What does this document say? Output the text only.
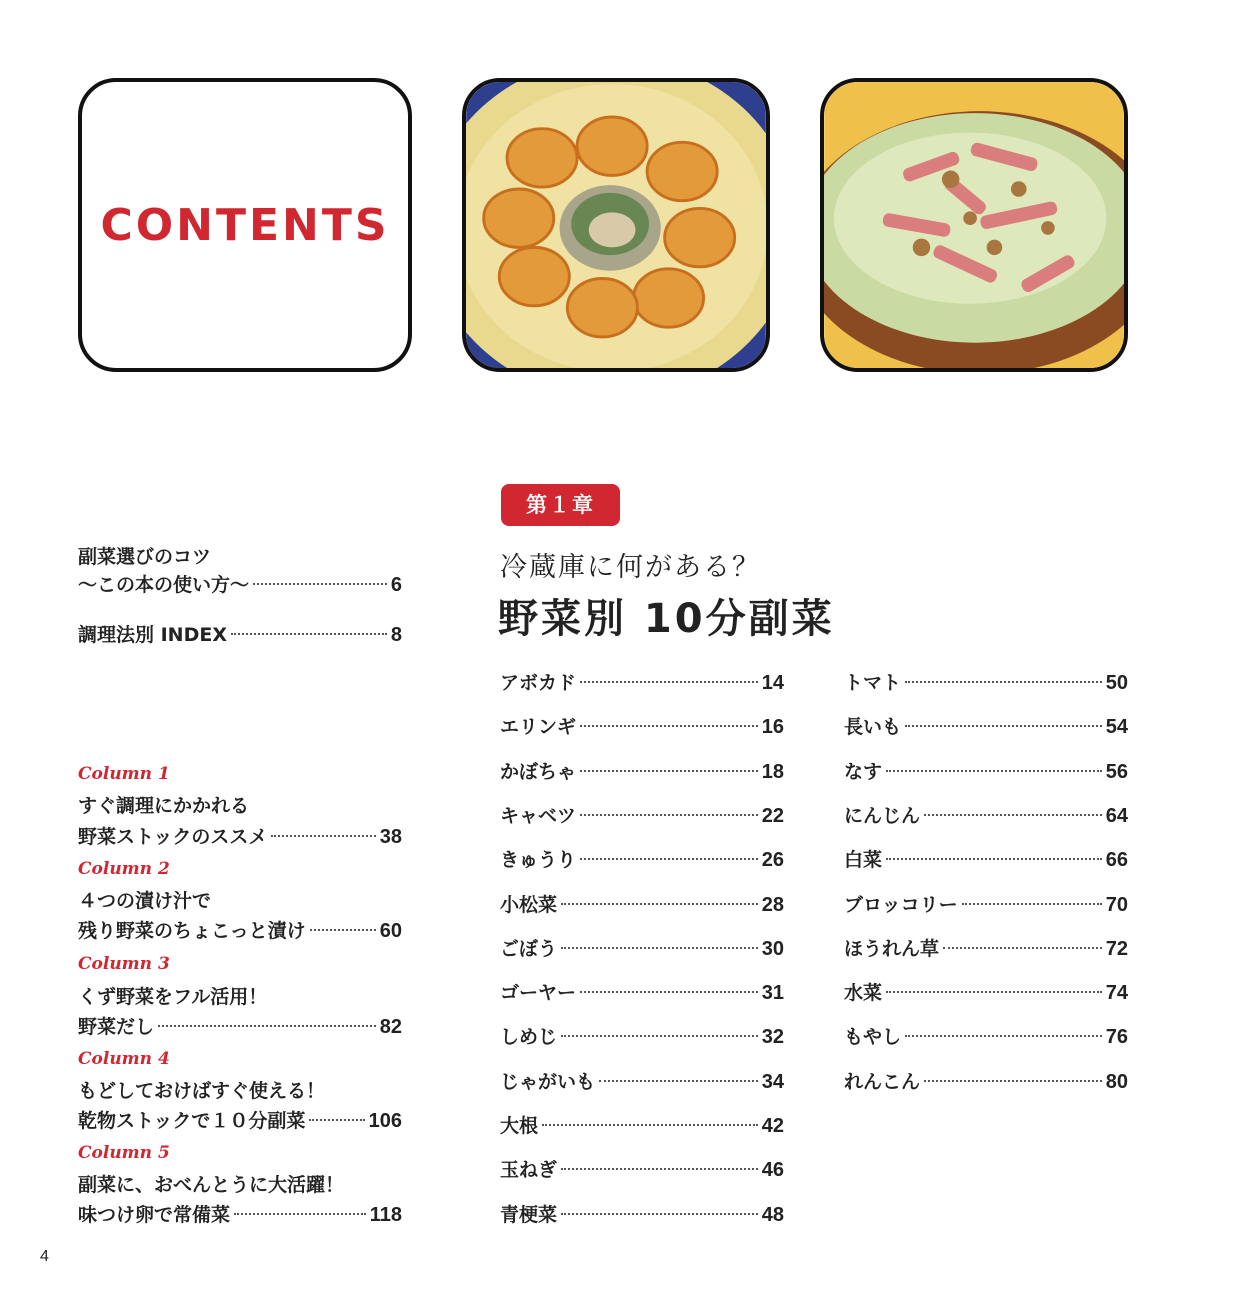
CONTENTS
副菜選びのコツ
～この本の使い方～	6
調理法別 INDEX	8
Column 1
すぐ調理にかかれる
野菜ストックのススメ	38
Column 2
４つの漬け汁で
残り野菜のちょこっと漬け	60
Column 3
くず野菜をフル活用！
野菜だし	82
Column 4
もどしておけばすぐ使える！
乾物ストックで１０分副菜	106
Column 5
副菜に、おべんとうに大活躍！
味つけ卵で常備菜	118
第１章
冷蔵庫に何がある？
野菜別 10分副菜
アボカド	14
エリンギ	16
かぼちゃ	18
キャベツ	22
きゅうり	26
小松菜	28
ごぼう	30
ゴーヤー	31
しめじ	32
じゃがいも	34
大根	42
玉ねぎ	46
青梗菜	48
トマト	50
長いも	54
なす	56
にんじん	64
白菜	66
ブロッコリー	70
ほうれん草	72
水菜	74
もやし	76
れんこん	80
4
